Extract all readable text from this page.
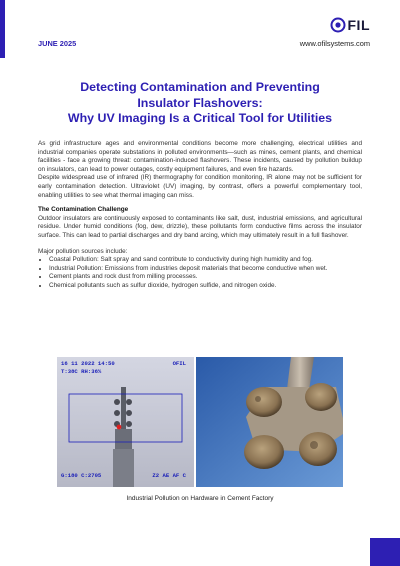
FIL
JUNE 2025	www.ofilsystems.com
Detecting Contamination and Preventing
Insulator Flashovers:
Why UV Imaging Is a Critical Tool for Utilities

As grid infrastructure ages and environmental conditions become more challenging, electrical utilities and industrial companies operate substations in polluted environments—such as mines, cement plants, and chemical facilities - face a growing threat: contamination-induced flashovers. These incidents, caused by pollution buildup on insulators, can lead to power outages, costly equipment failures, and even fire hazards.

Despite widespread use of infrared (IR) thermography for condition monitoring, IR alone may not be sufficient for early contamination detection. Ultraviolet (UV) imaging, by contrast, offers a powerful complementary tool, enabling utilities to see what thermal imaging can miss.

The Contamination Challenge

Outdoor insulators are continuously exposed to contaminants like salt, dust, industrial emissions, and agricultural residue. Under humid conditions (fog, dew, drizzle), these pollutants form conductive films across the insulator surface. This can lead to partial discharges and dry band arcing, which may ultimately result in a full flashover.

Major pollution sources include:

• Coastal Pollution: Salt spray and sand contribute to conductivity during high humidity and fog.
• Industrial Pollution: Emissions from industries deposit materials that become conductive when wet.
• Cement plants and rock dust from milling processes.
• Chemical pollutants such as sulfur dioxide, hydrogen sulfide, and nitrogen oxide.
16 11 2022 14:50	OFIL
T:38C RH:36%
G:180 C:2705	Z2 AE AF C
Industrial Pollution on Hardware in Cement Factory
